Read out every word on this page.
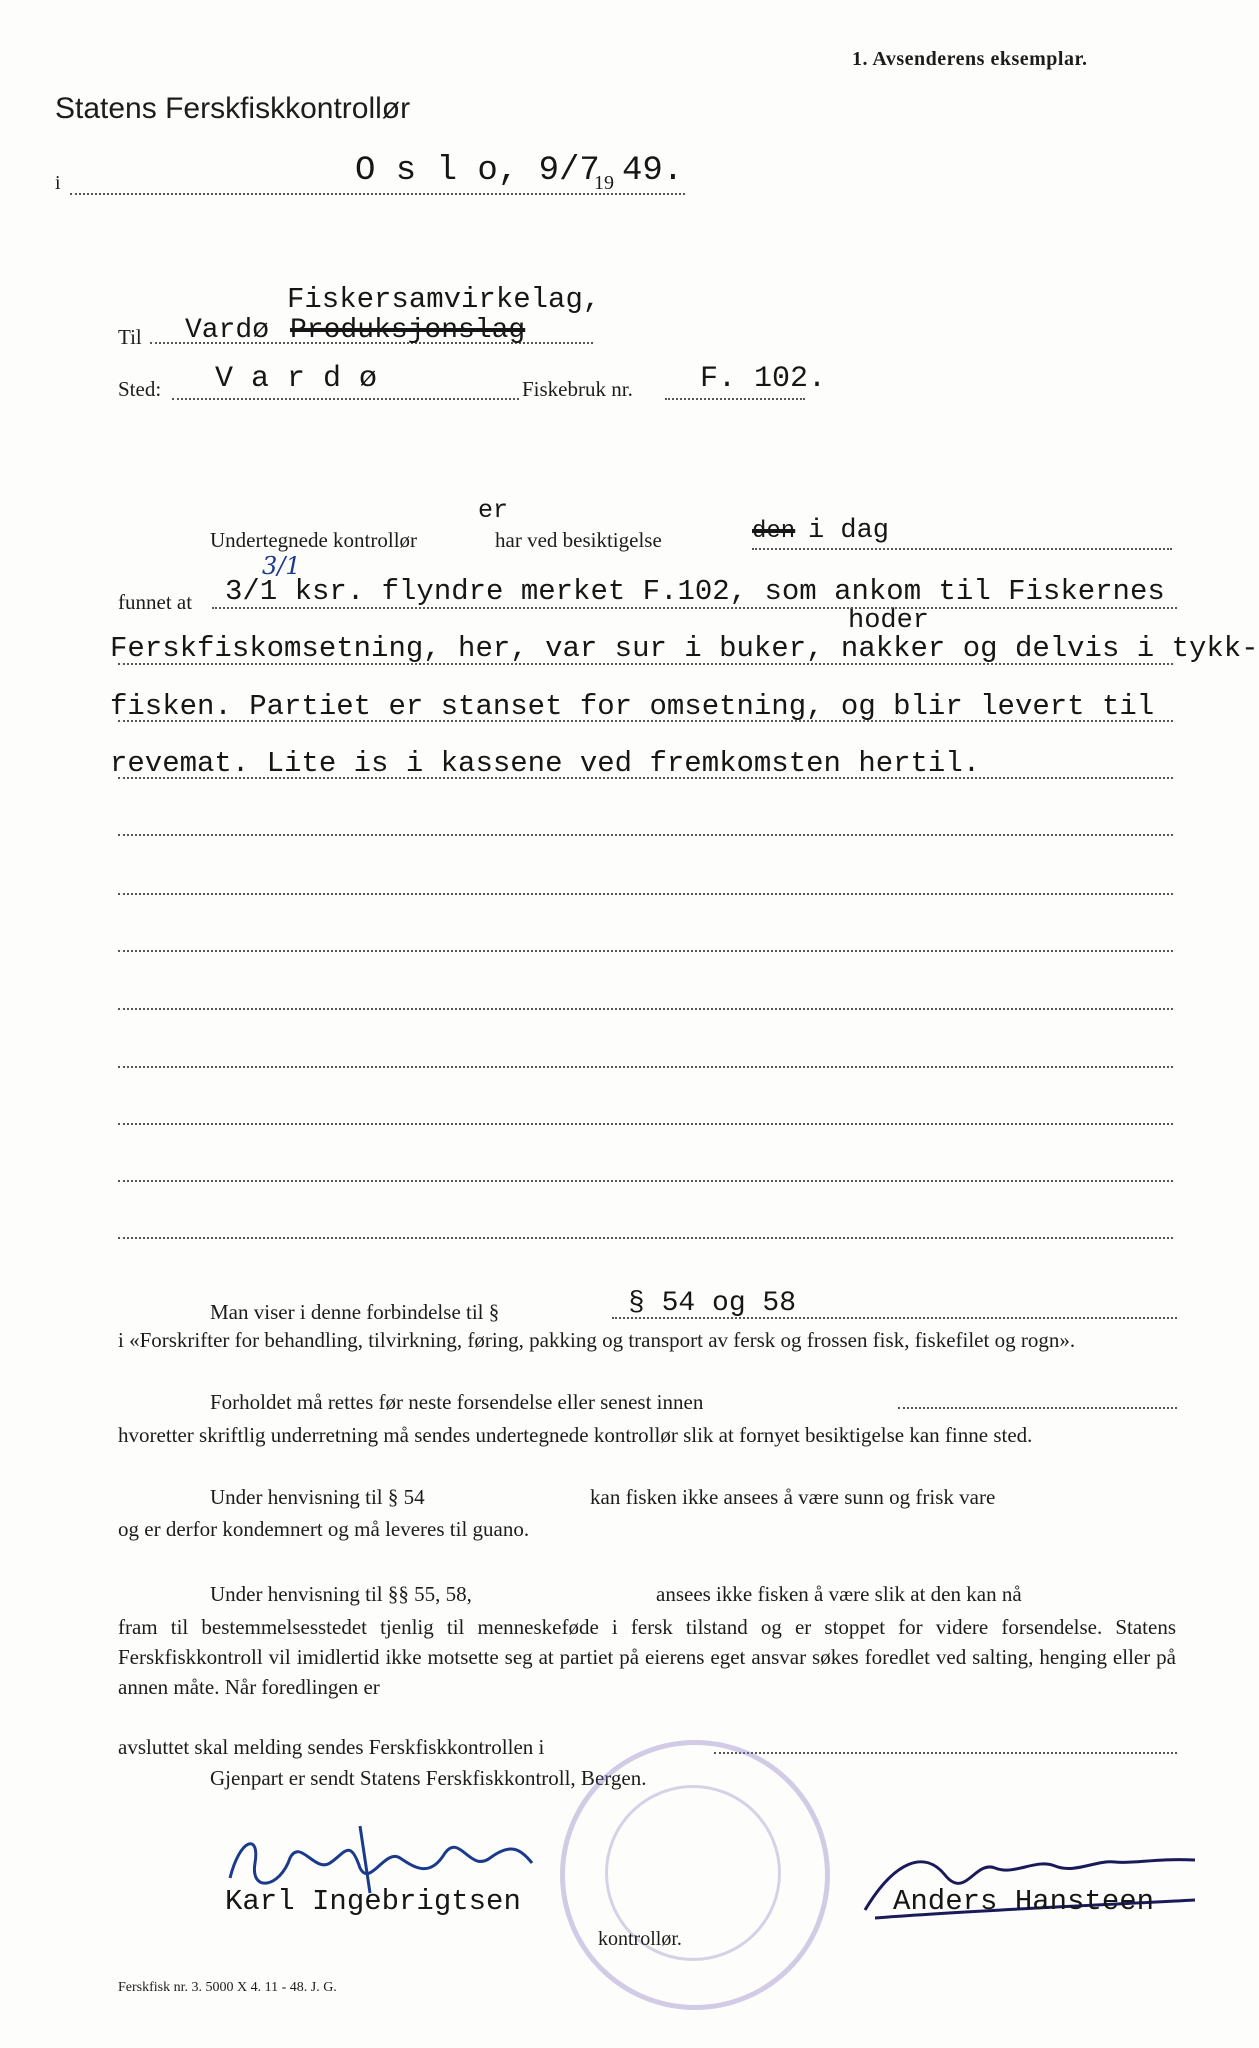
1. Avsenderens eksemplar.
Statens Ferskfiskkontrollør
i	O s l o, 9/7
19 49.
Fiskersamvirkelag,
Til Vardø Produksjonslag
Sted: V a r d ø	Fiskebruk nr. F. 102.
er
Undertegnede kontrollør	har ved besiktigelse	den i dag
3/1
hoder
funnet at 3/1 ksr. flyndre merket F.102, som ankom til Fiskernes
Ferskfiskomsetning, her, var sur i buker, nakker og delvis i tykk-
fisken. Partiet er stanset for omsetning, og blir levert til
revemat. Lite is i kassene ved fremkomsten hertil.
Man viser i denne forbindelse til §	§ 54 og 58
i «Forskrifter for behandling, tilvirkning, føring, pakking og transport av fersk og frossen fisk, fiskefilet og rogn».
Forholdet må rettes før neste forsendelse eller senest innen
hvoretter skriftlig underretning må sendes undertegnede kontrollør slik at fornyet besiktigelse kan finne sted.
Under henvisning til § 54	kan fisken ikke ansees å være sunn og frisk vare
og er derfor kondemnert og må leveres til guano.
Under henvisning til §§ 55, 58,	ansees ikke fisken å være slik at den kan nå
fram til bestemmelsesstedet tjenlig til menneskeføde i fersk tilstand og er stoppet for videre forsendelse. Statens Ferskfiskkontroll vil imidlertid ikke motsette seg at partiet på eierens eget ansvar søkes foredlet ved salting, henging eller på annen måte. Når foredlingen er
avsluttet skal melding sendes Ferskfiskkontrollen i
Gjenpart er sendt Statens Ferskfiskkontroll, Bergen.
Karl Ingebrigtsen	Anders Hansteen
kontrollør.
Ferskfisk nr. 3. 5000 X 4. 11 - 48. J. G.
